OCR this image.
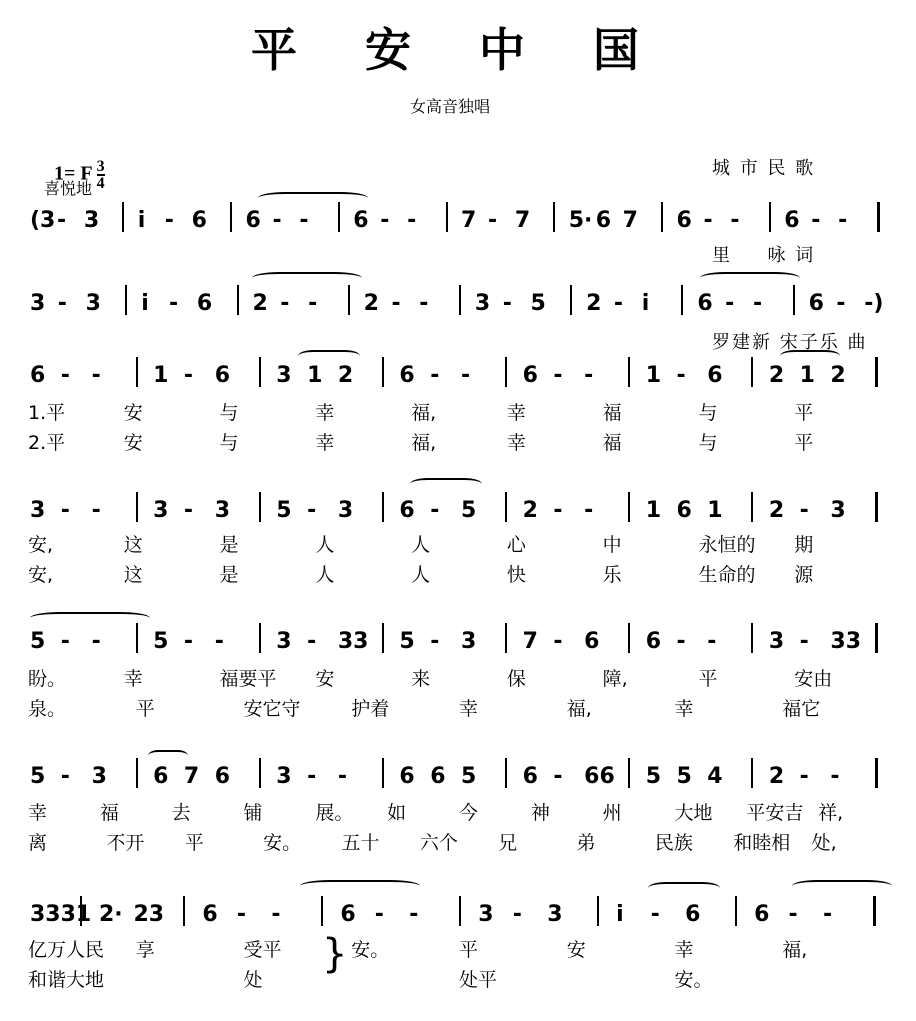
平 安 中 国
女高音独唱

城 市 民 歌

里 　 咏 词

罗建新 宋子乐 曲

1= F $\frac{3}{4}$

喜悦地
(3 - 3 i - 6 6 - - 6 - - 7 - 7 5· 6 7 6 - - 6 - -
3 - 3 i - 6 2 - - 2 - - 3 - 5 2 - i 6 - - 6 - -)
6 - - 1 - 6 3 1 2 6 - - 6 - - 1 - 6 2 1 2
1.平	安	与	幸	福,	幸	福	与	平
2.平	安	与	幸	福,	幸	福	与	平
3 - - 3 - 3 5 - 3 6 - 5 2 - - 1 6 1 2 - 3
安,	这	是	人	人	心	中	永恒的 期
安,	这	是	人	人	快	乐	生命的 源
5 - - 5 - - 3 - 33 5 - 3 7 - 6 6 - - 3 - 33
盼。	幸	福要平 安	来	保	障,	平	安由
泉。	平	安它守	护着	幸	福,	幸	福它
5 - 3 6 7 6 3 - - 6 6 5 6 - 66 5 5 4 2 - -
幸	福	去	铺	展。 如	今	神	州	大地 平安吉 祥,
离	不开 平	安。 五十 六个 兄	弟	民族 和睦相 处,
3331 2· 23 6 - -	6 - -	3 - 3 i - 6 6 - -
亿万人民 享	受平	安。	平	安	幸	福,
和谐大地	处	处平	安。
}
